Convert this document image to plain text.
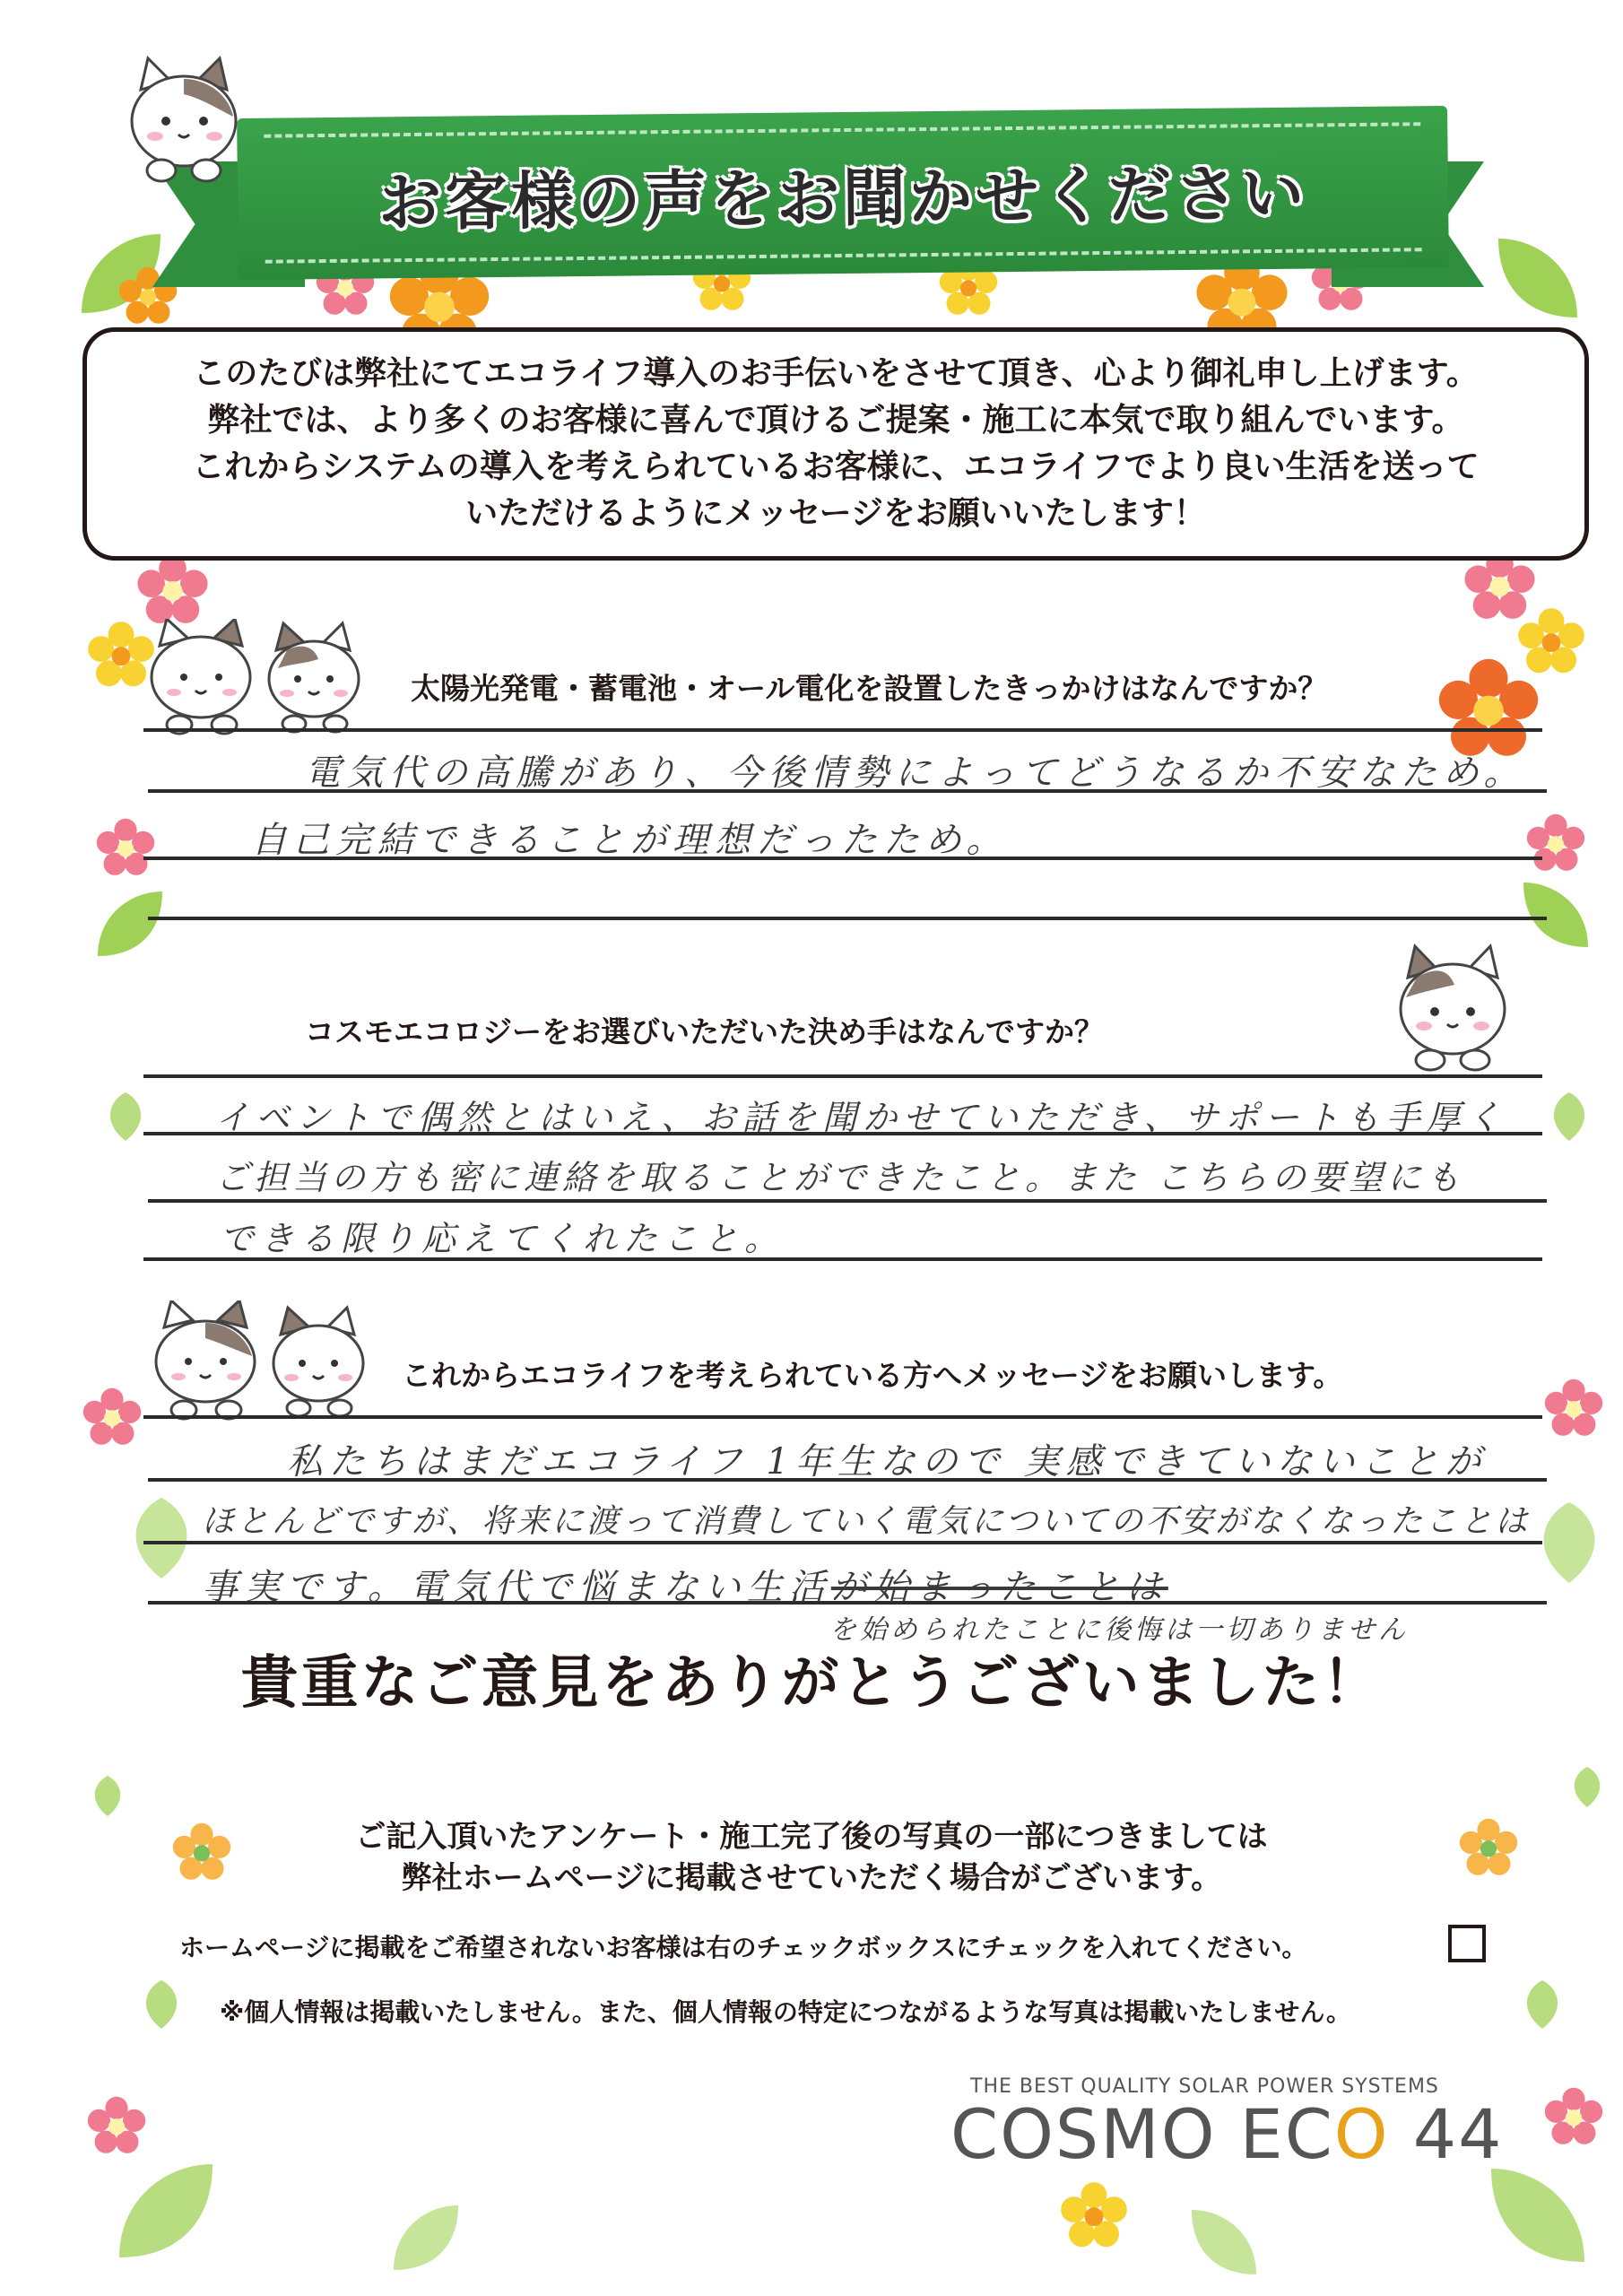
お客様の声をお聞かせください
このたびは弊社にてエコライフ導入のお手伝いをさせて頂き、心より御礼申し上げます。
弊社では、より多くのお客様に喜んで頂けるご提案・施工に本気で取り組んでいます。
これからシステムの導入を考えられているお客様に、エコライフでより良い生活を送って
いただけるようにメッセージをお願いいたします！
太陽光発電・蓄電池・オール電化を設置したきっかけはなんですか？
電気代の高騰があり、今後情勢によってどうなるか不安なため。
自己完結できることが理想だったため。
コスモエコロジーをお選びいただいた決め手はなんですか？
イベントで偶然とはいえ、お話を聞かせていただき、サポートも手厚く
ご担当の方も密に連絡を取ることができたこと。また こちらの要望にも
できる限り応えてくれたこと。
これからエコライフを考えられている方へメッセージをお願いします。
私たちはまだエコライフ 1年生なので 実感できていないことが
ほとんどですが、将来に渡って消費していく電気についての不安がなくなったことは
事実です。電気代で悩まない生活が始まったことは
を始められたことに後悔は一切ありません
貴重なご意見をありがとうございました！
ご記入頂いたアンケート・施工完了後の写真の一部につきましては
弊社ホームページに掲載させていただく場合がございます。
ホームページに掲載をご希望されないお客様は右のチェックボックスにチェックを入れてください。
※個人情報は掲載いたしません。また、個人情報の特定につながるような写真は掲載いたしません。
THE BEST QUALITY SOLAR POWER SYSTEMS
COSMO ECO 44
